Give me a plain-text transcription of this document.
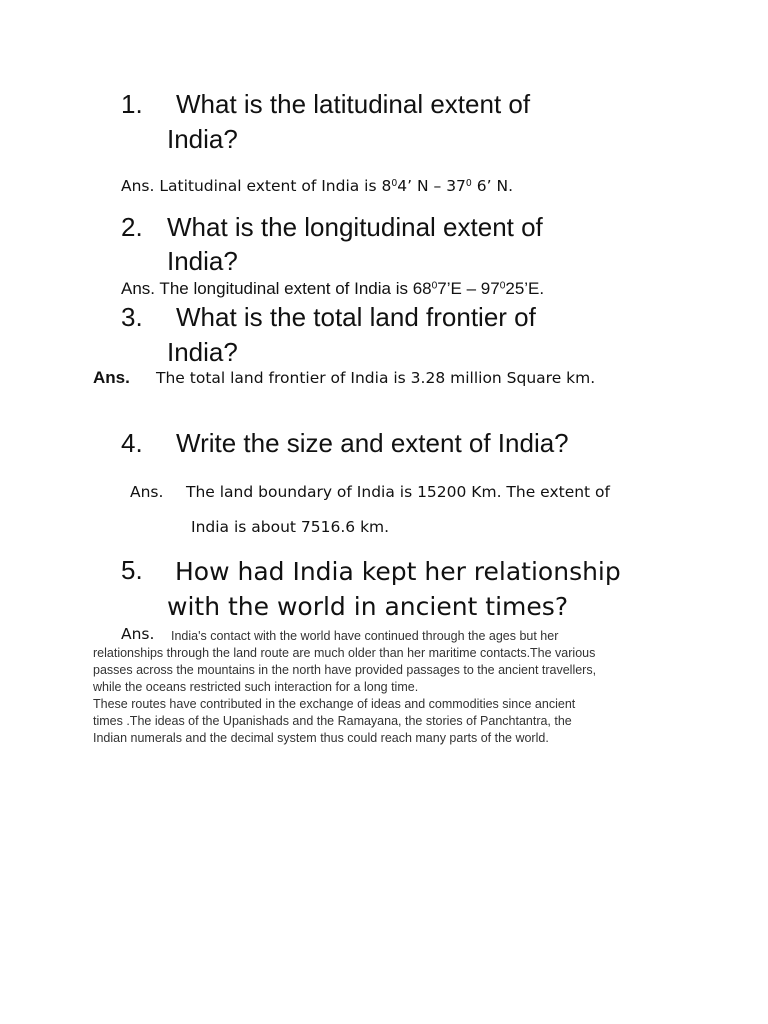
1. What is the latitudinal extent of
India?
Ans. Latitudinal extent of India is $8^04$’ N – $37^0$ 6’ N.
2. What is the longitudinal extent of
India?
Ans. The longitudinal extent of India is $68^07’E$ – $97^025’E$.
3. What is the total land frontier of
India?
Ans. The total land frontier of India is 3.28 million Square km.
4. Write the size and extent of India?
Ans. The land boundary of India is 15200 Km. The extent of
India is about 7516.6 km.
5. How had India kept her relationship
with the world in ancient times?
Ans. India's contact with the world have continued through the ages but her
relationships through the land route are much older than her maritime contacts.The various
passes across the mountains in the north have provided passages to the ancient travellers,
while the oceans restricted such interaction for a long time.
These routes have contributed in the exchange of ideas and commodities since ancient
times .The ideas of the Upanishads and the Ramayana, the stories of Panchtantra, the
Indian numerals and the decimal system thus could reach many parts of the world.
